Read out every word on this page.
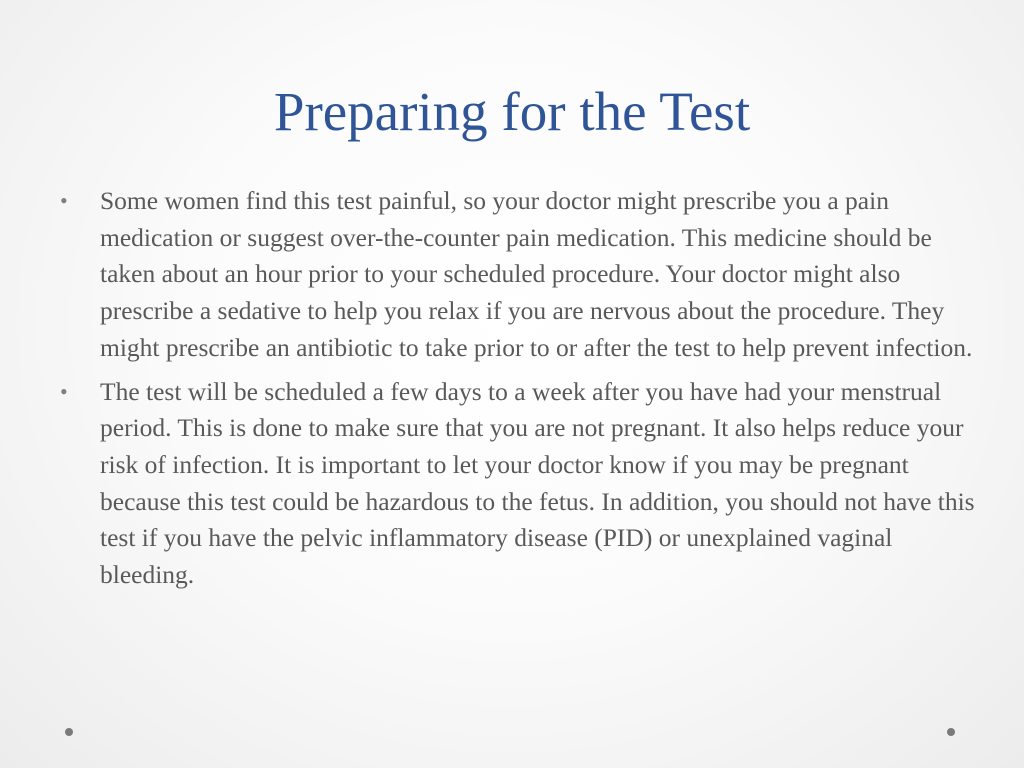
Preparing for the Test
• Some women find this test painful, so your doctor might prescribe you a pain medication or suggest over-the-counter pain medication. This medicine should be taken about an hour prior to your scheduled procedure. Your doctor might also prescribe a sedative to help you relax if you are nervous about the procedure. They might prescribe an antibiotic to take prior to or after the test to help prevent infection.
• The test will be scheduled a few days to a week after you have had your menstrual period. This is done to make sure that you are not pregnant. It also helps reduce your risk of infection. It is important to let your doctor know if you may be pregnant because this test could be hazardous to the fetus. In addition, you should not have this test if you have the pelvic inflammatory disease (PID) or unexplained vaginal bleeding.
